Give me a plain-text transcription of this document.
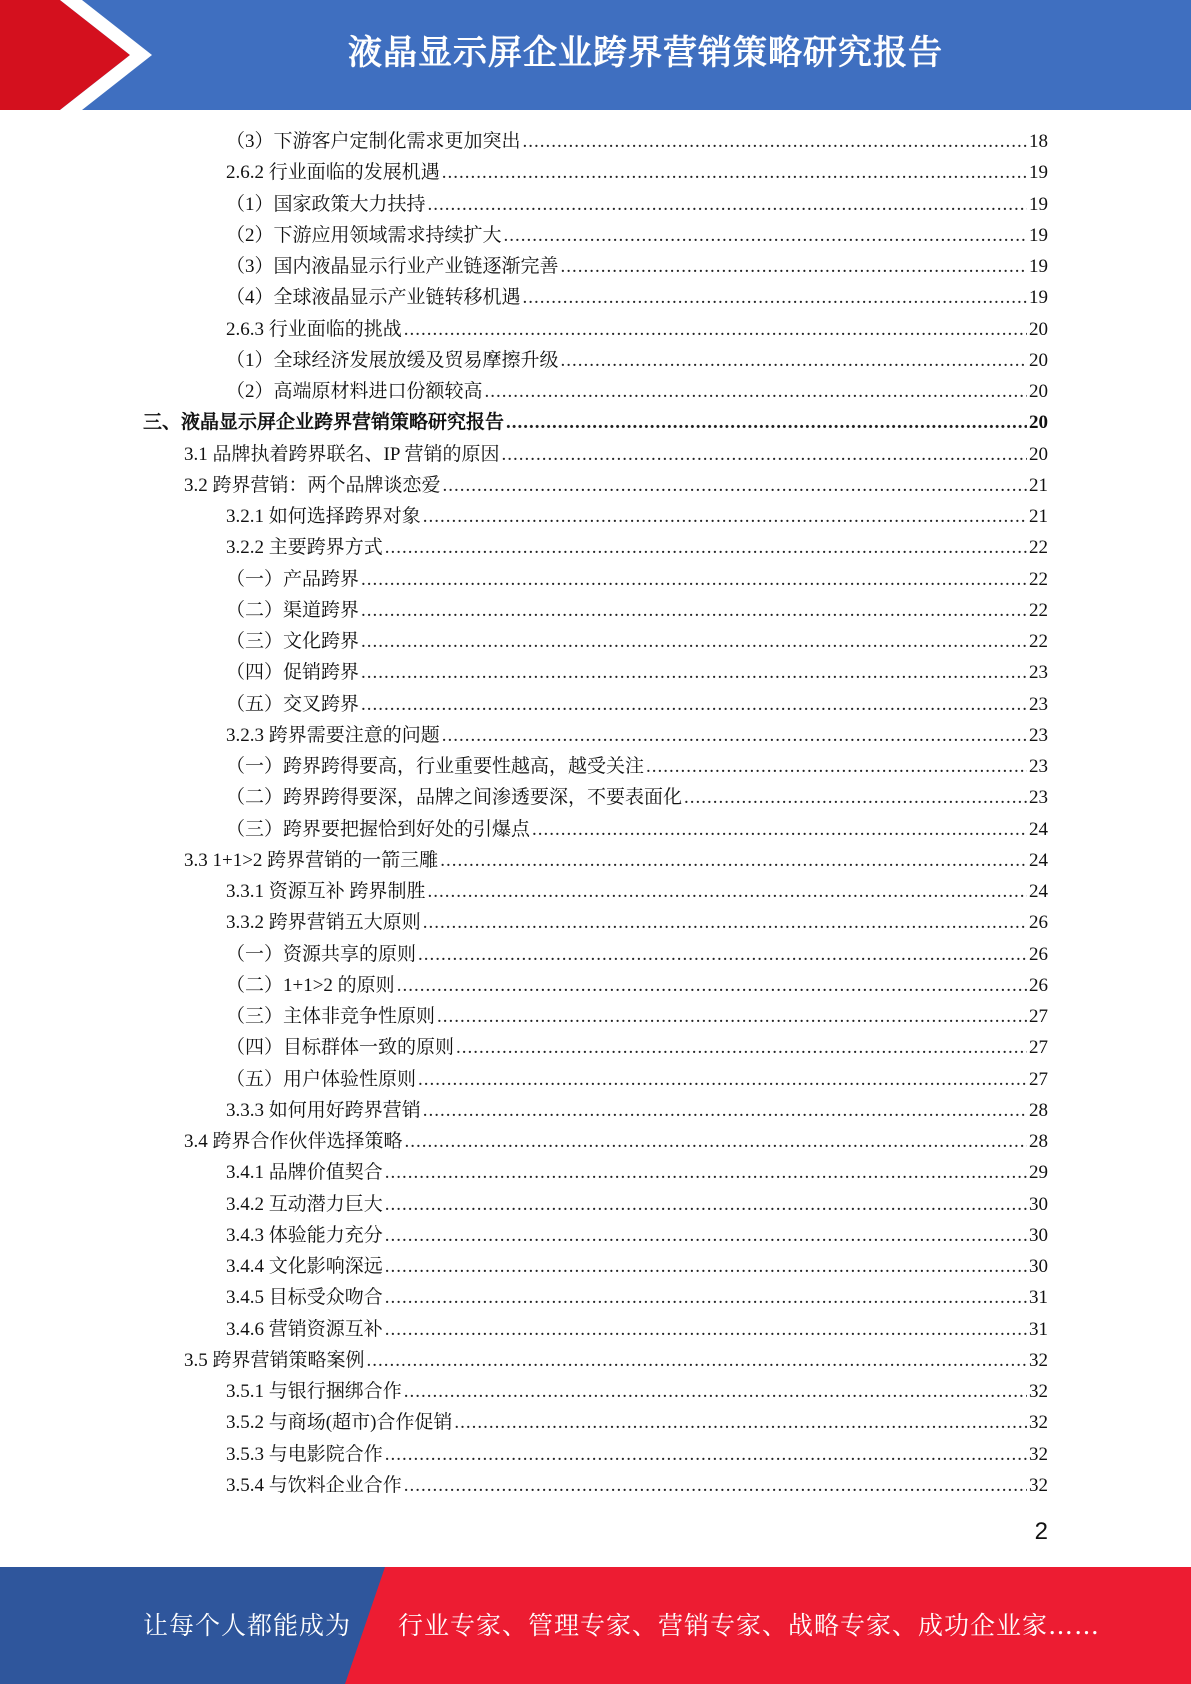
液晶显示屏企业跨界营销策略研究报告
（3）下游客户定制化需求更加突出 .....	18
2.6.2 行业面临的发展机遇 .....	19
（1）国家政策大力扶持 .....	19
（2）下游应用领域需求持续扩大 .....	19
（3）国内液晶显示行业产业链逐渐完善 .....	19
（4）全球液晶显示产业链转移机遇 .....	19
2.6.3 行业面临的挑战 .....	20
（1）全球经济发展放缓及贸易摩擦升级 .....	20
（2）高端原材料进口份额较高 .....	20
三、液晶显示屏企业跨界营销策略研究报告 .....	20
3.1 品牌执着跨界联名、IP 营销的原因 .....	20
3.2 跨界营销：两个品牌谈恋爱 .....	21
3.2.1 如何选择跨界对象 .....	21
3.2.2 主要跨界方式 .....	22
（一）产品跨界 .....	22
（二）渠道跨界 .....	22
（三）文化跨界 .....	22
（四）促销跨界 .....	23
（五）交叉跨界 .....	23
3.2.3 跨界需要注意的问题 .....	23
（一）跨界跨得要高，行业重要性越高，越受关注 .....	23
（二）跨界跨得要深，品牌之间渗透要深，不要表面化 .....	23
（三）跨界要把握恰到好处的引爆点 .....	24
3.3 1+1>2 跨界营销的一箭三雕 .....	24
3.3.1 资源互补 跨界制胜 .....	24
3.3.2 跨界营销五大原则 .....	26
（一）资源共享的原则 .....	26
（二）1+1>2 的原则 .....	26
（三）主体非竞争性原则 .....	27
（四）目标群体一致的原则 .....	27
（五）用户体验性原则 .....	27
3.3.3 如何用好跨界营销 .....	28
3.4 跨界合作伙伴选择策略 .....	28
3.4.1 品牌价值契合 .....	29
3.4.2 互动潜力巨大 .....	30
3.4.3 体验能力充分 .....	30
3.4.4 文化影响深远 .....	30
3.4.5 目标受众吻合 .....	31
3.4.6 营销资源互补 .....	31
3.5 跨界营销策略案例 .....	32
3.5.1 与银行捆绑合作 .....	32
3.5.2 与商场(超市)合作促销 .....	32
3.5.3 与电影院合作 .....	32
3.5.4 与饮料企业合作 .....	32
2
让每个人都能成为 行业专家、管理专家、营销专家、战略专家、成功企业家……
